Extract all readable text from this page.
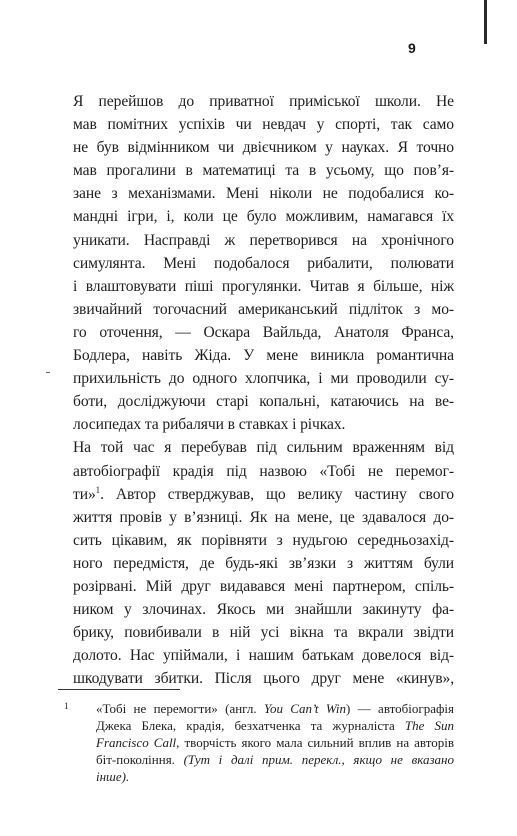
9

Я перейшов до приватної приміської школи. Не
мав помітних успіхів чи невдач у спорті, так само
не був відмінником чи двієчником у науках. Я точно
мав прогалини в математиці та в усьому, що пов’я-
зане з механізмами. Мені ніколи не подобалися ко-
мандні ігри, і, коли це було можливим, намагався їх
уникати. Насправді ж перетворився на хронічного
симулянта. Мені подобалося рибалити, полювати
і влаштовувати піші прогулянки. Читав я більше, ніж
звичайний тогочасний американський підліток з мо-
го оточення, — Оскара Вайльда, Анатоля Франса,
Бодлера, навіть Жіда. У мене виникла романтична
прихильність до одного хлопчика, і ми проводили су-
боти, досліджуючи старі копальні, катаючись на ве-
лосипедах та рибалячи в ставках і річках.

На той час я перебував під сильним враженням від
автобіографії крадія під назвою «Тобі не перемог-
ти»$^1$. Автор стверджував, що велику частину свого
життя провів у в’язниці. Як на мене, це здавалося до-
сить цікавим, як порівняти з нудьгою середньозахід-
ного передмістя, де будь-які зв’язки з життям були
розірвані. Мій друг видавався мені партнером, спіль-
ником у злочинах. Якось ми знайшли закинуту фа-
брику, повибивали в ній усі вікна та вкрали звідти
долото. Нас упіймали, і нашим батькам довелося від-
шкодувати збитки. Після цього друг мене «кинув»,

1 «Тобі не перемогти» (англ. You Can’t Win) — автобіографія
Джека Блека, крадія, безхатченка та журналіста The Sun
Francisco Call, творчість якого мала сильний вплив на авторів
біт-покоління. (Тут і далі прим. перекл., якщо не вказано
інше).
